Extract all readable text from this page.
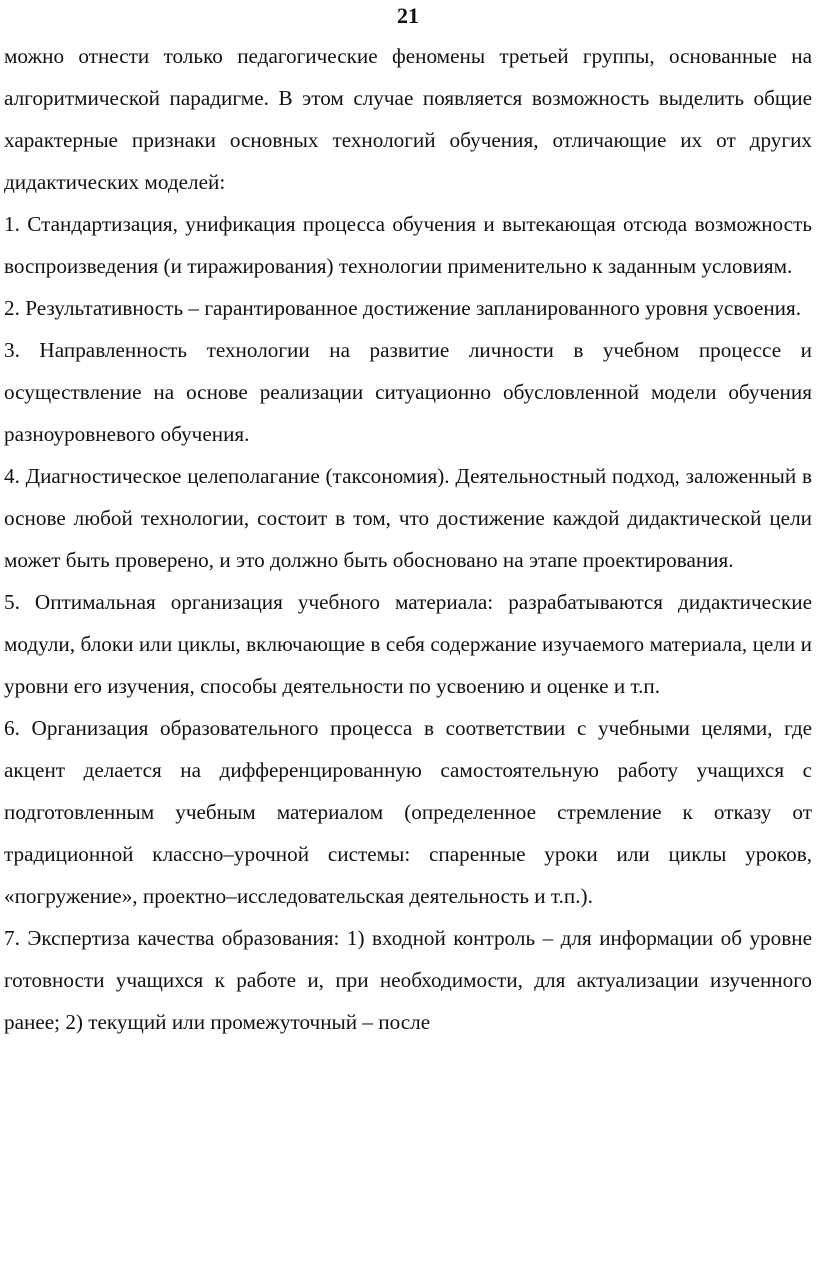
21

можно отнести только педагогические феномены третьей группы, основанные на алгоритмической парадигме. В этом случае появляется возможность выделить общие характерные признаки основных технологий обучения, отличающие их от других дидактических моделей:

1. Стандартизация, унификация процесса обучения и вытекающая отсюда возможность воспроизведения (и тиражирования) технологии применительно к заданным условиям.

2. Результативность – гарантированное достижение запланированного уровня усвоения.

3. Направленность технологии на развитие личности в учебном процессе и осуществление на основе реализации ситуационно обусловленной модели обучения разноуровневого обучения.

4. Диагностическое целеполагание (таксономия). Деятельностный подход, заложенный в основе любой технологии, состоит в том, что достижение каждой дидактической цели может быть проверено, и это должно быть обосновано на этапе проектирования.

5. Оптимальная организация учебного материала: разрабатываются дидактические модули, блоки или циклы, включающие в себя содержание изучаемого материала, цели и уровни его изучения, способы деятельности по усвоению и оценке и т.п.

6. Организация образовательного процесса в соответствии с учебными целями, где акцент делается на дифференцированную самостоятельную работу учащихся с подготовленным учебным материалом (определенное стремление к отказу от традиционной классно–урочной системы: спаренные уроки или циклы уроков, «погружение», проектно–исследовательская деятельность и т.п.).

7. Экспертиза качества образования: 1) входной контроль – для информации об уровне готовности учащихся к работе и, при необходимости, для актуализации изученного ранее; 2) текущий или промежуточный – после
